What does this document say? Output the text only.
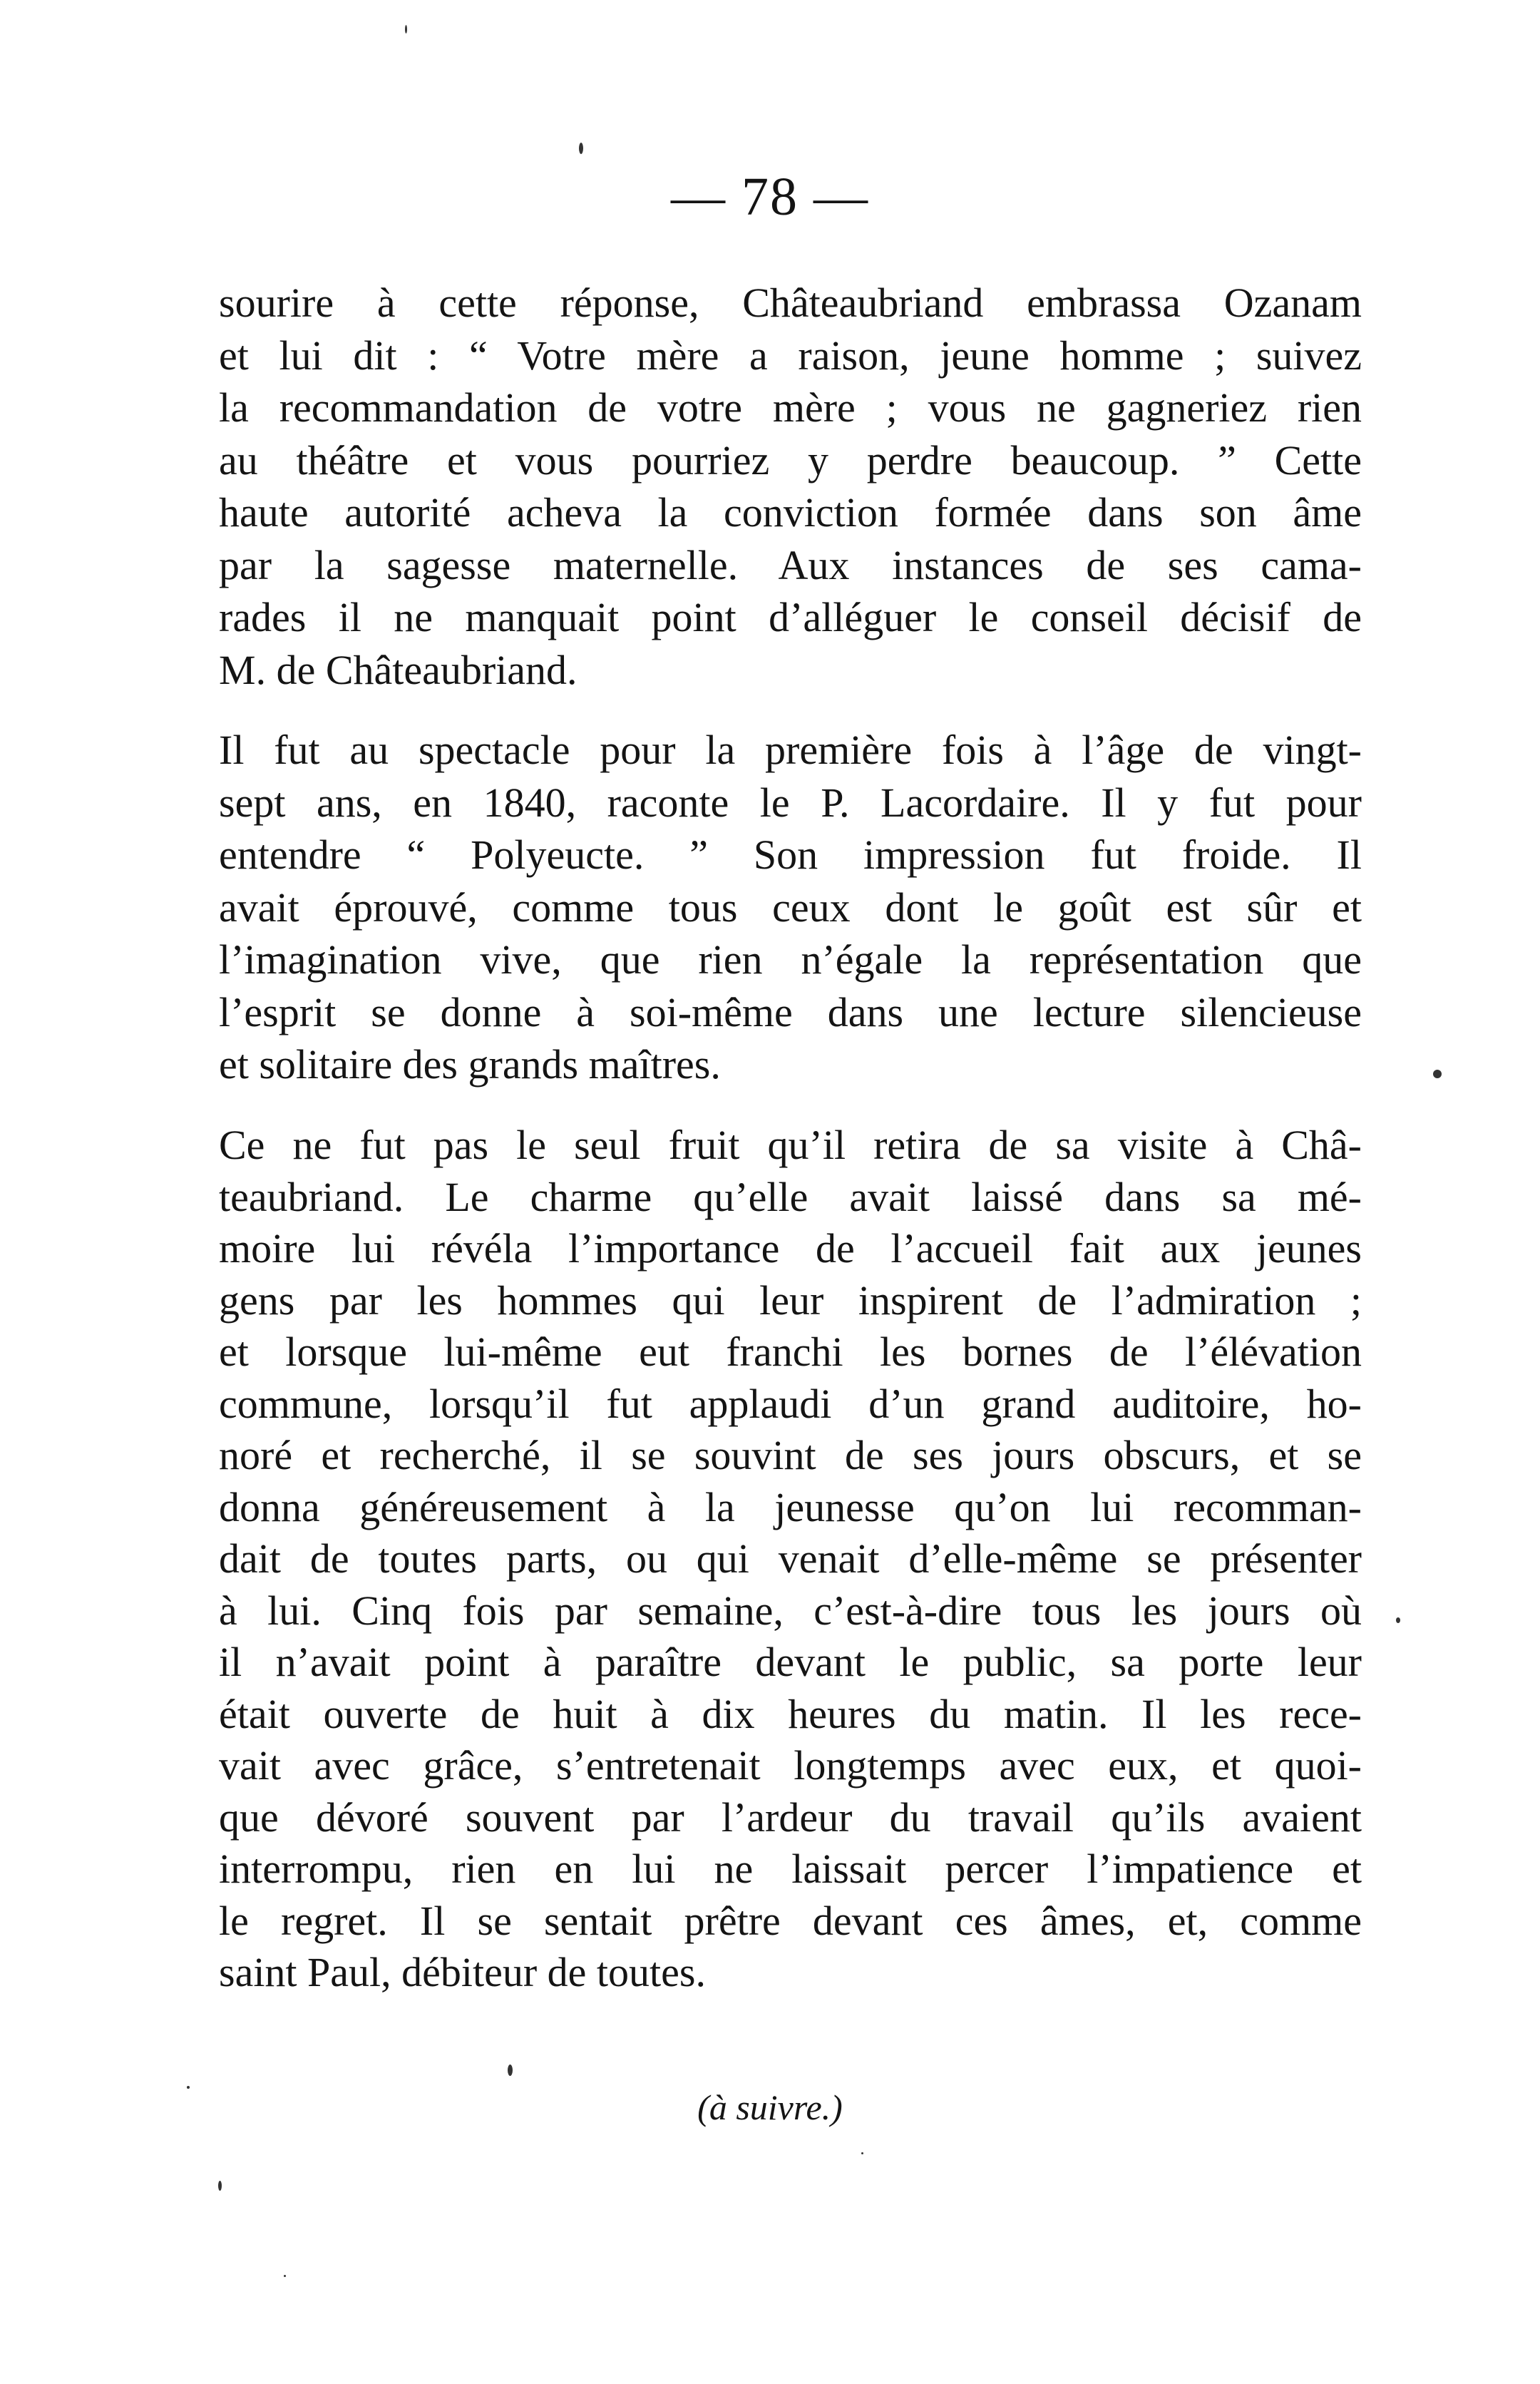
— 78 —
sourire à cette réponse, Châteaubriand embrassa Ozanam
et lui dit : “ Votre mère a raison, jeune homme ; suivez
la recommandation de votre mère ; vous ne gagneriez rien
au théâtre et vous pourriez y perdre beaucoup. ” Cette
haute autorité acheva la conviction formée dans son âme
par la sagesse maternelle. Aux instances de ses cama-
rades il ne manquait point d’alléguer le conseil décisif de
M. de Châteaubriand.
Il fut au spectacle pour la première fois à l’âge de vingt-
sept ans, en 1840, raconte le P. Lacordaire. Il y fut pour
entendre “ Polyeucte. ” Son impression fut froide. Il
avait éprouvé, comme tous ceux dont le goût est sûr et
l’imagination vive, que rien n’égale la représentation que
l’esprit se donne à soi-même dans une lecture silencieuse
et solitaire des grands maîtres.
Ce ne fut pas le seul fruit qu’il retira de sa visite à Châ-
teaubriand. Le charme qu’elle avait laissé dans sa mé-
moire lui révéla l’importance de l’accueil fait aux jeunes
gens par les hommes qui leur inspirent de l’admiration ;
et lorsque lui-même eut franchi les bornes de l’élévation
commune, lorsqu’il fut applaudi d’un grand auditoire, ho-
noré et recherché, il se souvint de ses jours obscurs, et se
donna généreusement à la jeunesse qu’on lui recomman-
dait de toutes parts, ou qui venait d’elle-même se présenter
à lui. Cinq fois par semaine, c’est-à-dire tous les jours où
il n’avait point à paraître devant le public, sa porte leur
était ouverte de huit à dix heures du matin. Il les rece-
vait avec grâce, s’entretenait longtemps avec eux, et quoi-
que dévoré souvent par l’ardeur du travail qu’ils avaient
interrompu, rien en lui ne laissait percer l’impatience et
le regret. Il se sentait prêtre devant ces âmes, et, comme
saint Paul, débiteur de toutes.
(à suivre.)
